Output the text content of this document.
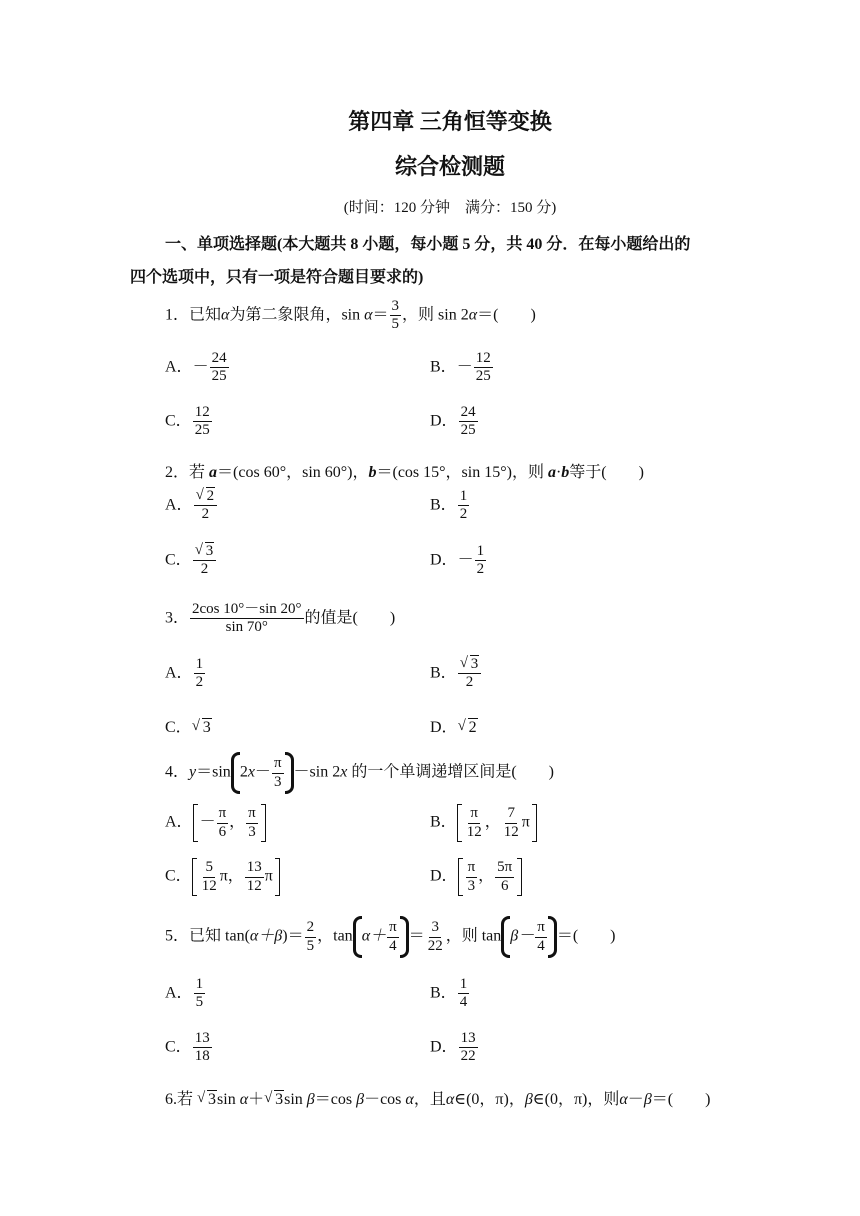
第四章 三角恒等变换
综合检测题
(时间：120 分钟 满分：150 分)
一、单项选择题(本大题共 8 小题，每小题 5 分，共 40 分．在每小题给出的
四个选项中，只有一项是符合题目要求的)
1．已知α为第二象限角，$\sin \alpha= \frac{3}{5}$ ，则 sin 2α＝(　　)
A．－ $\frac{24}{25}$	B．－ $\frac{12}{25}$
C． $\frac{12}{25}$	D． $\frac{24}{25}$
2．若 a＝(cos 60°，sin 60°)，b＝(cos 15°，sin 15°)，则 a·b等于(　　)
A． √ $\frac{2}{2}$	B． $\frac{1}{2}$
C． √ $\frac{3}{2}$	D．－ $\frac{1}{2}$
3． $\frac{2\cos 10^\circ-\sin 20^\circ}{\sin 70^\circ}$ 的值是(　　)
A． $\frac{1}{2}$	B． √ $\frac{3}{2}$
C． √ 3	D． √ 2
4．y＝sin $2x- \frac{\pi}{3} -\sin$ 2x 的一个单调递增区间是(　　)
A． － $\frac{\pi}{6}$ ， $\frac{\pi}{3}$	B． $\frac{\pi}{12}$ ， $\frac{7}{12}$ π
C． $\frac{5}{12}$ π， $\frac{13}{12}$ π	D． $\frac{\pi}{3}$ ， $\frac{5\pi}{6}$
5．已知 $\tan(\alpha+\beta)= \frac{2}{5}$ ，$\tan \alpha+ \frac{\pi}{4} = \frac{3}{22}$ ，则 $\tan \beta- \frac{\pi}{4}$ ＝(　　)
A． $\frac{1}{5}$	B． $\frac{1}{4}$
C． $\frac{13}{18}$	D． $\frac{13}{22}$
6.若 √ 3sin α＋ √ 3sin β＝cos β－cos α，且α∈(0，π)，β∈(0，π)，则α－β＝(　　)
